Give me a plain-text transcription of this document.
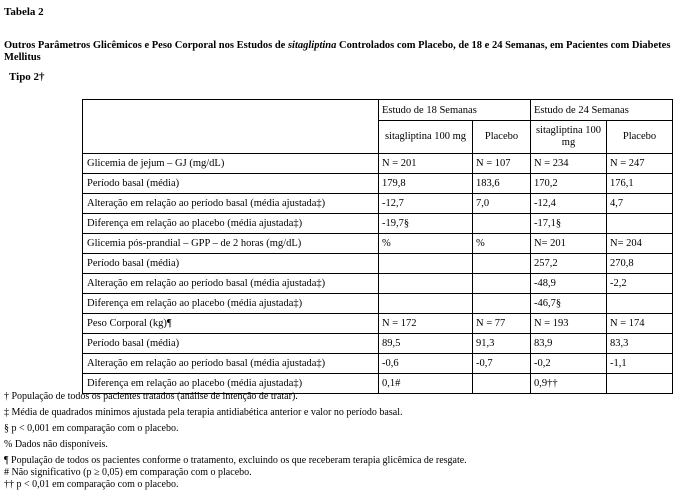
Tabela 2
Outros Parâmetros Glicêmicos e Peso Corporal nos Estudos de sitagliptina Controlados com Placebo, de 18 e 24 Semanas, em Pacientes com Diabetes Mellitus
Tipo 2†
	Estudo de 18 Semanas		Estudo de 24 Semanas	
	sitagliptina 100 mg	Placebo	sitagliptina 100 mg	Placebo
Glicemia de jejum – GJ (mg/dL)	N = 201	N = 107	N = 234	N = 247
Período basal (média)	179,8	183,6	170,2	176,1
Alteração em relação ao período basal (média ajustada‡)	-12,7	7,0	-12,4	4,7
Diferença em relação ao placebo (média ajustada‡)	-19,7§		-17,1§	
Glicemia pós-prandial – GPP – de 2 horas (mg/dL)	%	%	N= 201	N= 204
Período basal (média)			257,2	270,8
Alteração em relação ao período basal (média ajustada‡)			-48,9	-2,2
Diferença em relação ao placebo (média ajustada‡)			-46,7§	
Peso Corporal (kg)¶	N = 172	N = 77	N = 193	N = 174
Período basal (média)	89,5	91,3	83,9	83,3
Alteração em relação ao período basal (média ajustada‡)	-0,6	-0,7	-0,2	-1,1
Diferença em relação ao placebo (média ajustada‡)	0,1#		0,9††	
† População de todos os pacientes tratados (análise de intenção de tratar).
‡ Média de quadrados mínimos ajustada pela terapia antidiabética anterior e valor no período basal.
§ p < 0,001 em comparação com o placebo.
% Dados não disponíveis.
¶ População de todos os pacientes conforme o tratamento, excluindo os que receberam terapia glicêmica de resgate.
# Não significativo (p ≥ 0,05) em comparação com o placebo.
†† p < 0,01 em comparação com o placebo.
